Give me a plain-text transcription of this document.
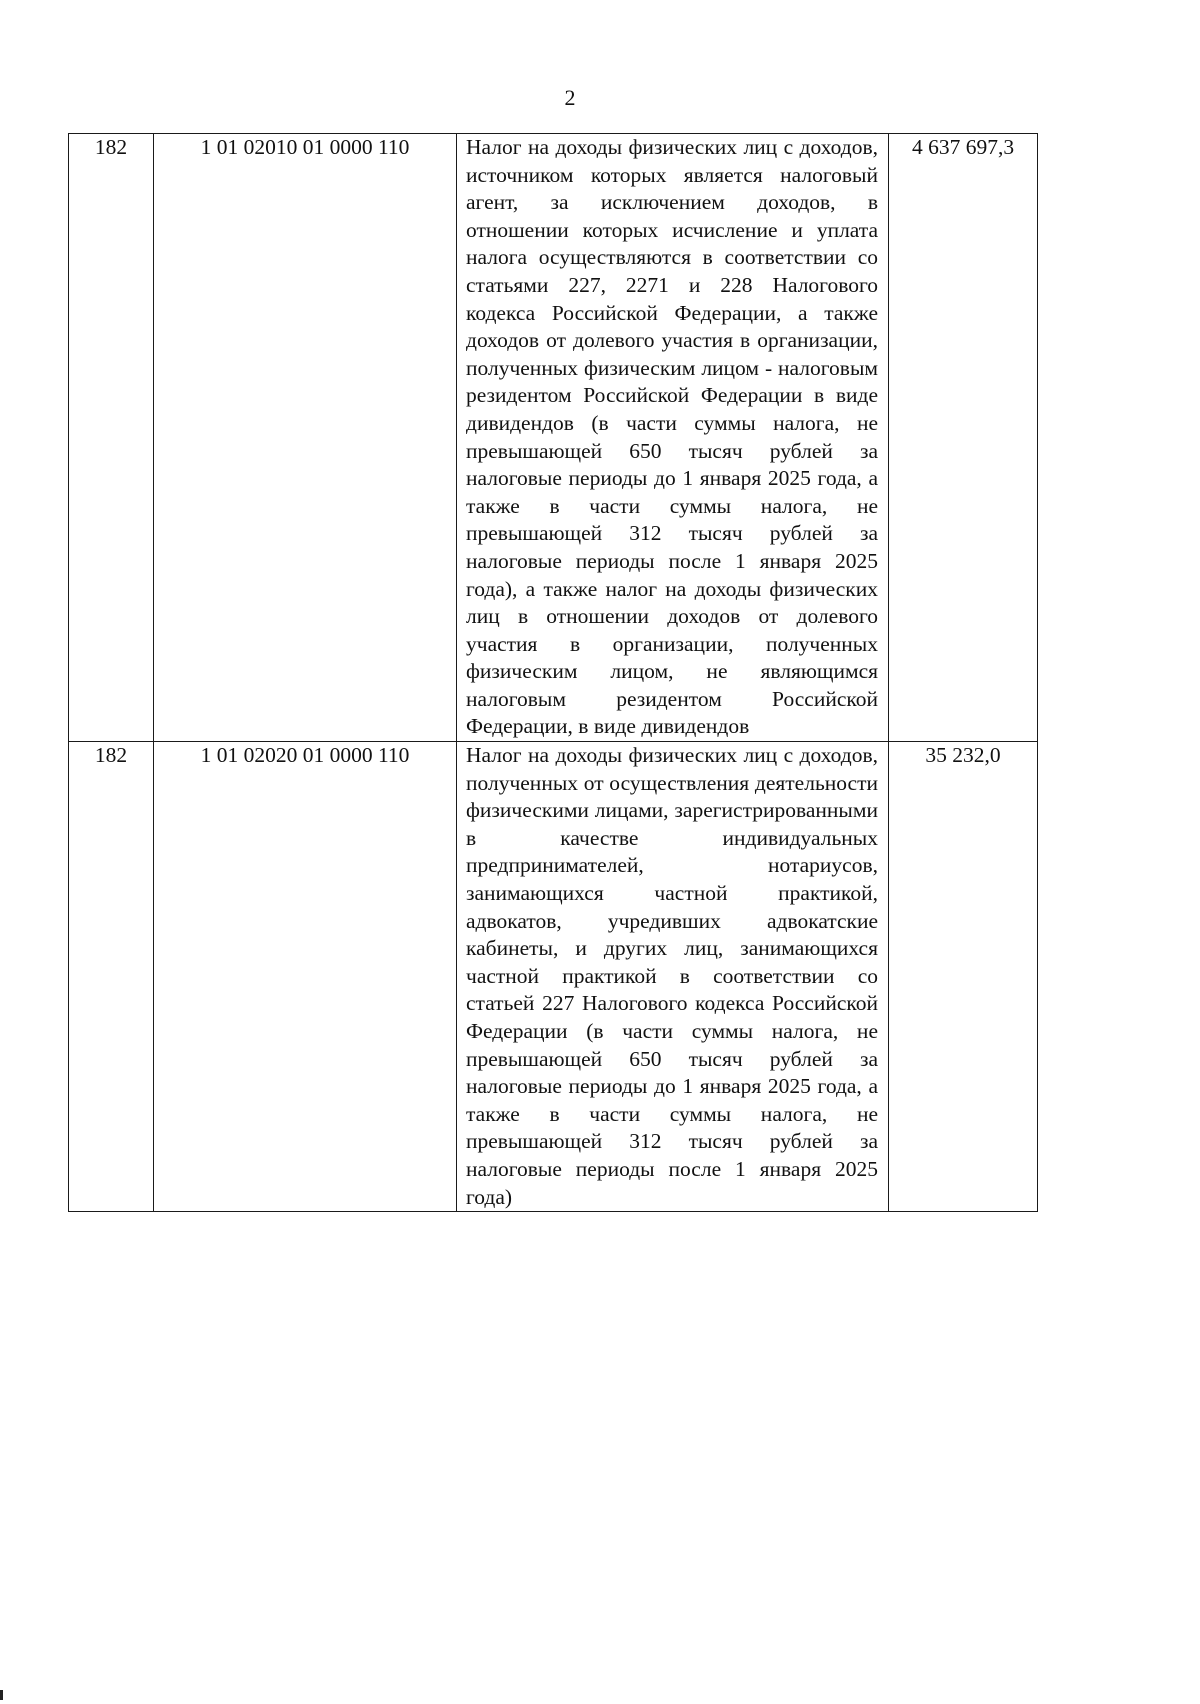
2
182	1 01 02010 01 0000 110	Налог на доходы физических лиц с доходов, источником которых является налоговый агент, за исключением доходов, в отношении которых исчисление и уплата налога осуществляются в соответствии со статьями 227, 2271 и 228 Налогового кодекса Российской Федерации, а также доходов от долевого участия в организации, полученных физическим лицом - налоговым резидентом Российской Федерации в виде дивидендов (в части суммы налога, не превышающей 650 тысяч рублей за налоговые периоды до 1 января 2025 года, а также в части суммы налога, не превышающей 312 тысяч рублей за налоговые периоды после 1 января 2025 года), а также налог на доходы физических лиц в отношении доходов от долевого участия в организации, полученных физическим лицом, не являющимся налоговым резидентом Российской Федерации, в виде дивидендов	4 637 697,3
182	1 01 02020 01 0000 110	Налог на доходы физических лиц с доходов, полученных от осуществления деятельности физическими лицами, зарегистрированными в качестве индивидуальных предпринимателей, нотариусов, занимающихся частной практикой, адвокатов, учредивших адвокатские кабинеты, и других лиц, занимающихся частной практикой в соответствии со статьей 227 Налогового кодекса Российской Федерации (в части суммы налога, не превышающей 650 тысяч рублей за налоговые периоды до 1 января 2025 года, а также в части суммы налога, не превышающей 312 тысяч рублей за налоговые периоды после 1 января 2025 года)	35 232,0
